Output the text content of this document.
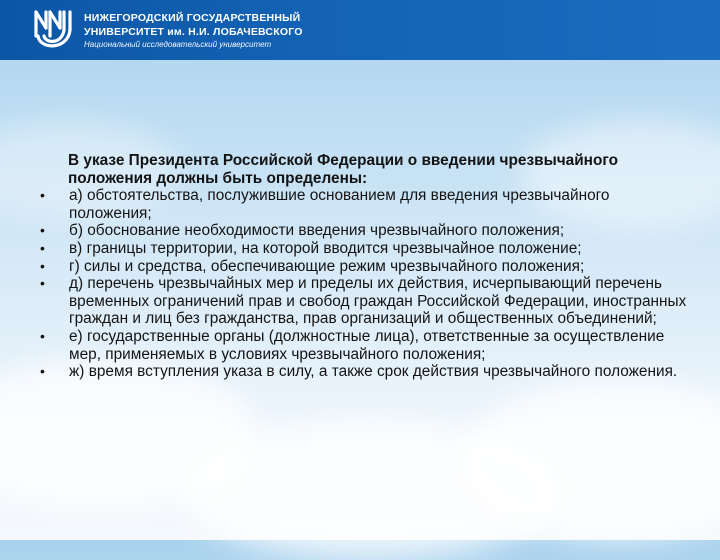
НИЖЕГОРОДСКИЙ ГОСУДАРСТВЕННЫЙ

УНИВЕРСИТЕТ им. Н.И. ЛОБАЧЕВСКОГО

Национальный исследовательский университет

В указе Президента Российской Федерации о введении чрезвычайного положения должны быть определены:

• а) обстоятельства, послужившие основанием для введения чрезвычайного положения;
• б) обоснование необходимости введения чрезвычайного положения;
• в) границы территории, на которой вводится чрезвычайное положение;
• г) силы и средства, обеспечивающие режим чрезвычайного положения;
• д) перечень чрезвычайных мер и пределы их действия, исчерпывающий перечень временных ограничений прав и свобод граждан Российской Федерации, иностранных граждан и лиц без гражданства, прав организаций и общественных объединений;
• е) государственные органы (должностные лица), ответственные за осуществление мер, применяемых в условиях чрезвычайного положения;
• ж) время вступления указа в силу, а также срок действия чрезвычайного положения.
